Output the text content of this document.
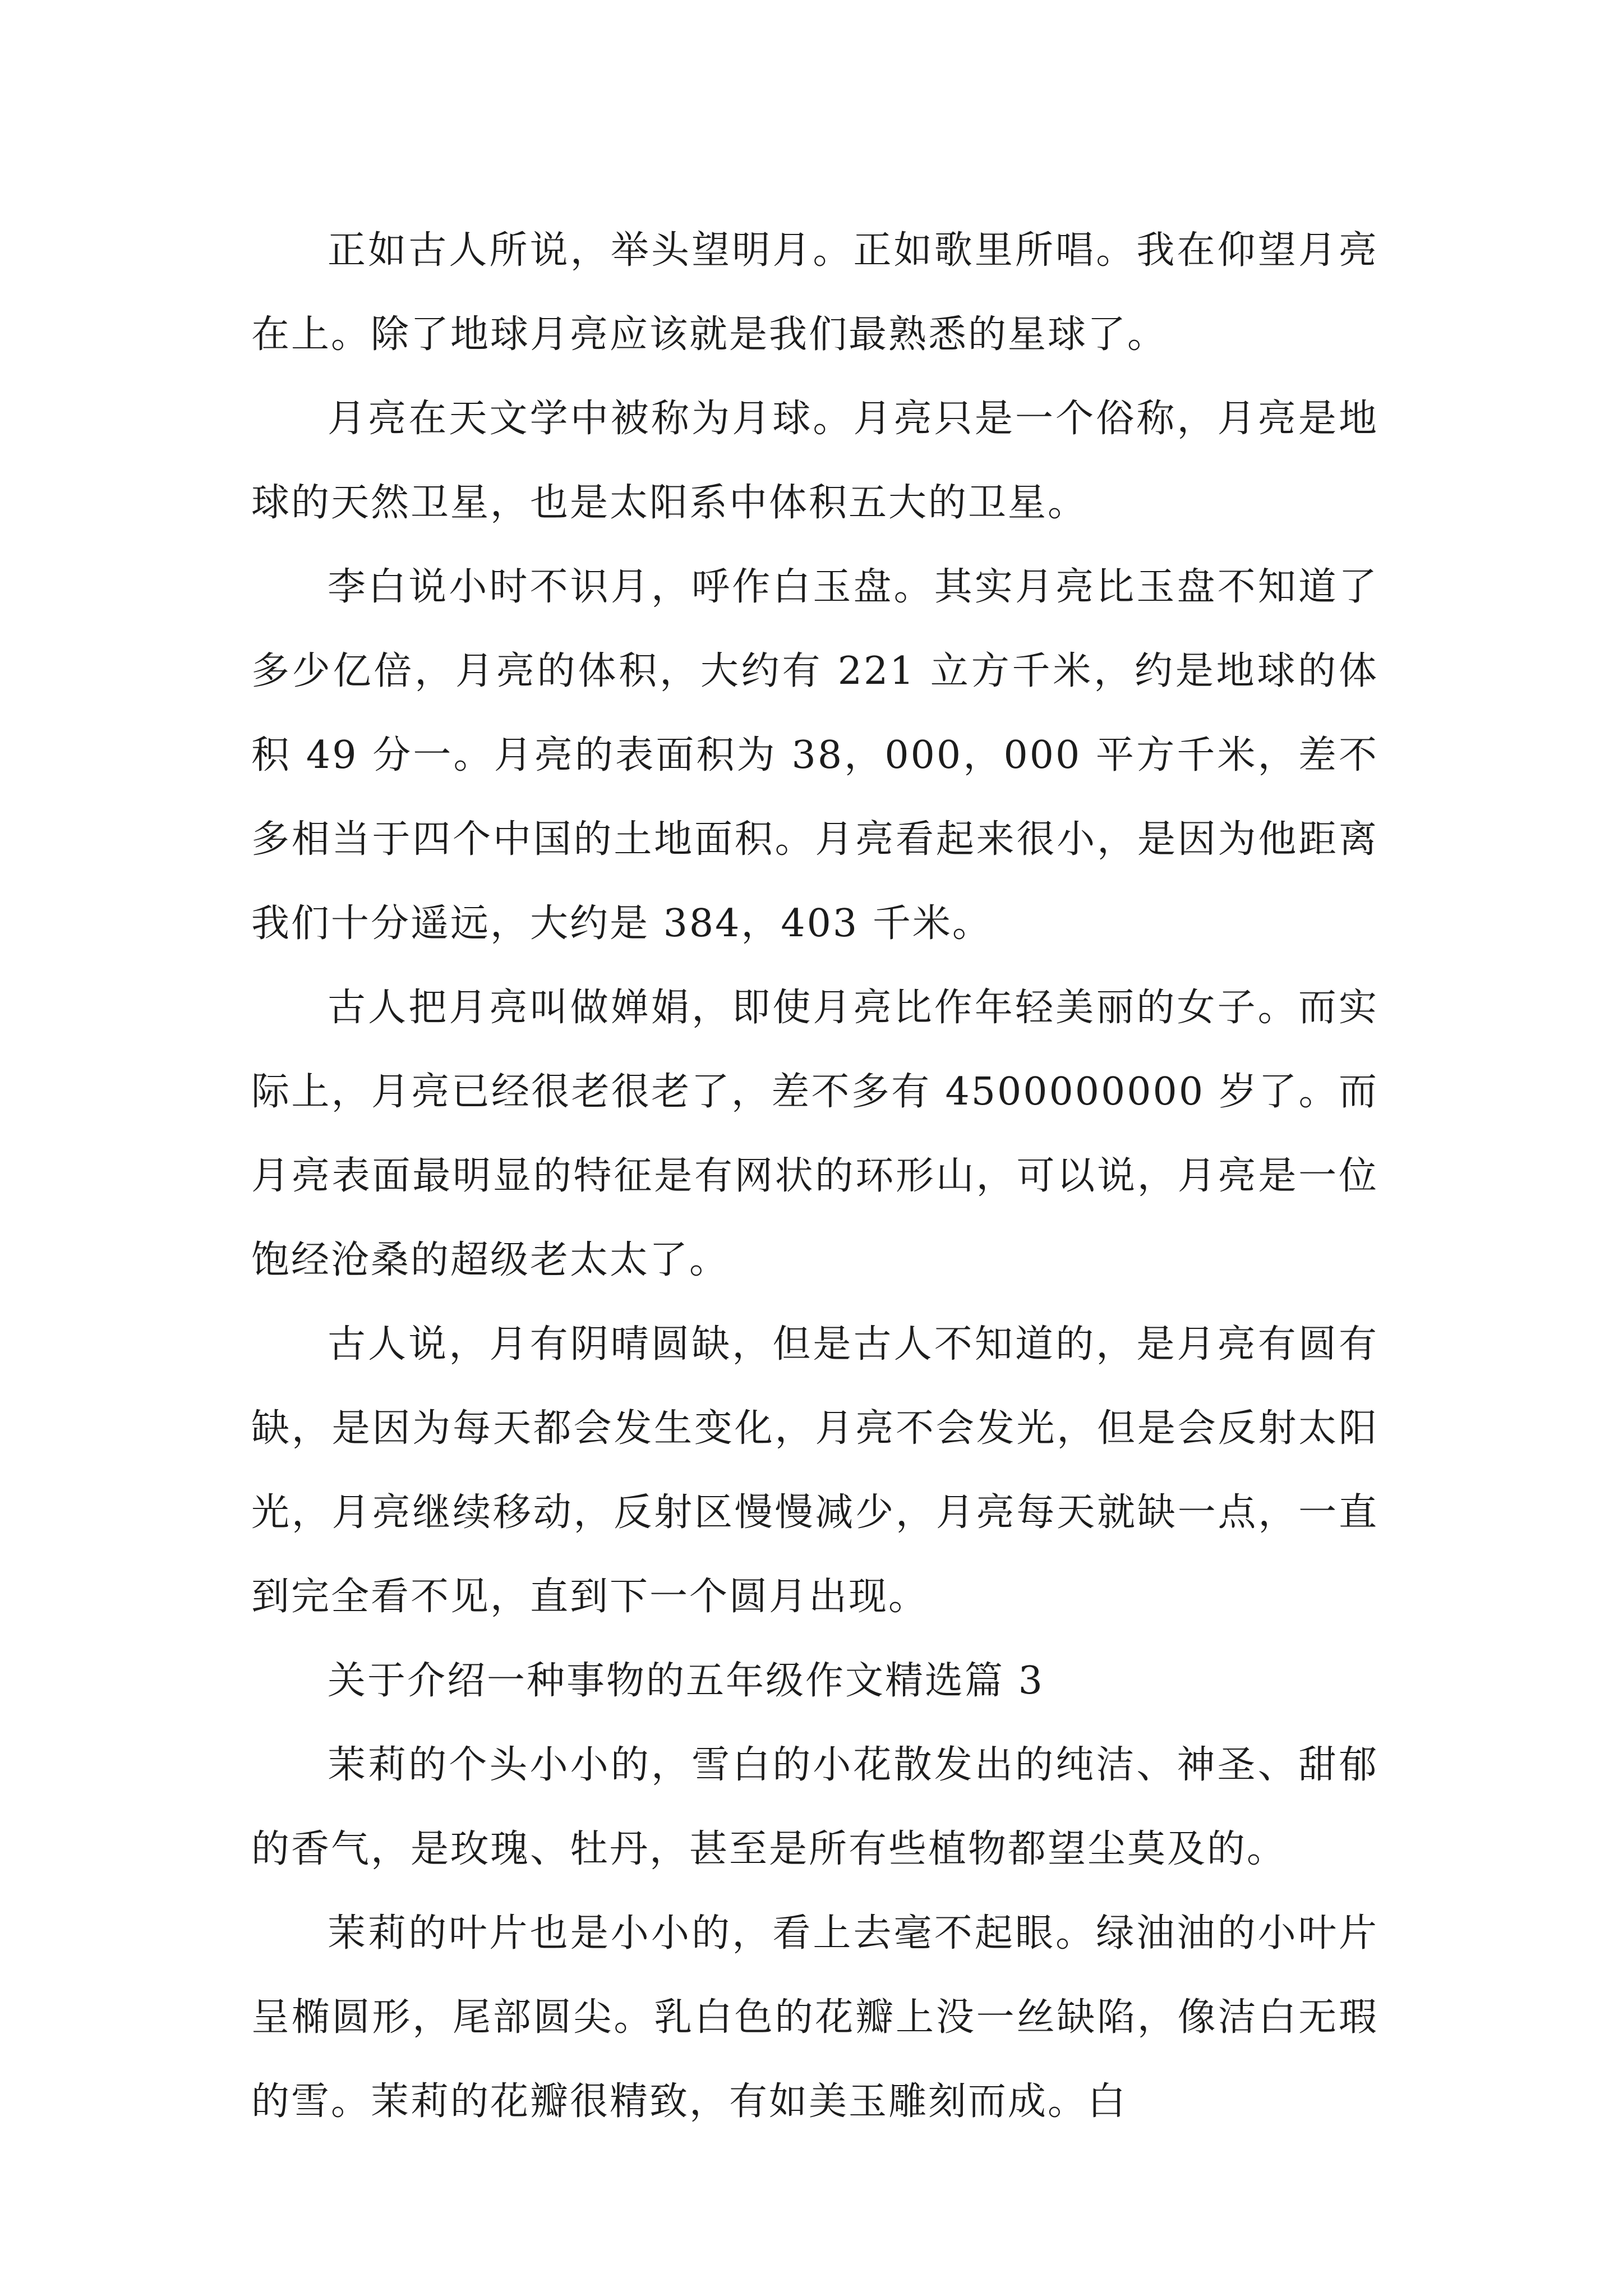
正如古人所说，举头望明月。正如歌里所唱。我在仰望月亮在上。除了地球月亮应该就是我们最熟悉的星球了。

月亮在天文学中被称为月球。月亮只是一个俗称，月亮是地球的天然卫星，也是太阳系中体积五大的卫星。

李白说小时不识月，呼作白玉盘。其实月亮比玉盘不知道了多少亿倍，月亮的体积，大约有 221 立方千米，约是地球的体积 49 分一。月亮的表面积为 38，000，000 平方千米，差不多相当于四个中国的土地面积。月亮看起来很小，是因为他距离我们十分遥远，大约是 384，403 千米。

古人把月亮叫做婵娟，即使月亮比作年轻美丽的女子。而实际上，月亮已经很老很老了，差不多有 4500000000 岁了。而月亮表面最明显的特征是有网状的环形山，可以说，月亮是一位饱经沧桑的超级老太太了。

古人说，月有阴晴圆缺，但是古人不知道的，是月亮有圆有缺，是因为每天都会发生变化，月亮不会发光，但是会反射太阳光，月亮继续移动，反射区慢慢减少，月亮每天就缺一点，一直到完全看不见，直到下一个圆月出现。

关于介绍一种事物的五年级作文精选篇 3

茉莉的个头小小的，雪白的小花散发出的纯洁、神圣、甜郁的香气，是玫瑰、牡丹，甚至是所有些植物都望尘莫及的。

茉莉的叶片也是小小的，看上去毫不起眼。绿油油的小叶片呈椭圆形，尾部圆尖。乳白色的花瓣上没一丝缺陷，像洁白无瑕的雪。茉莉的花瓣很精致，有如美玉雕刻而成。白
